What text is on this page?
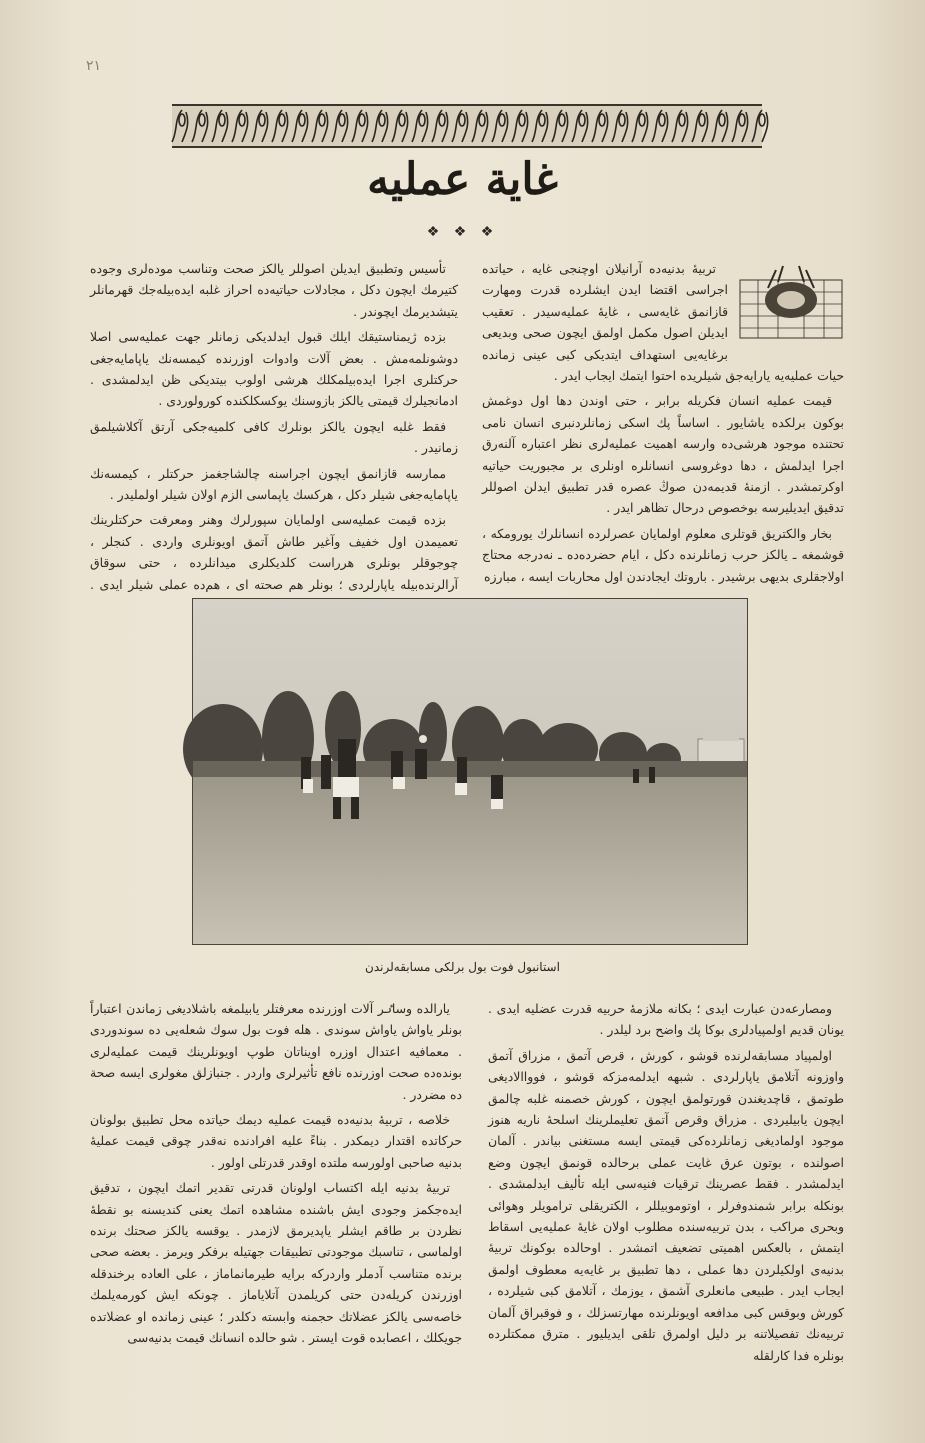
٢١
غاية عمليه
❖ ❖ ❖

تربيهٔ بدنيه‌ده آرانيلان اوچنجى غايه ، حياتده اجراسى اقتضا ايدن ايشلرده قدرت ومهارت قازانمق غايه‌سى ، غايهٔ عمليه‌سيدر . تعقيب ايديلن اصول مكمل اولمق ايچون صحى وبديعى برغايه‌يى استهداف ايتديكى كبى عينى زمانده حيات عمليه‌يه يارايه‌جق شيلريده احتوا ايتمك ايجاب ايدر .

قيمت عمليه انسان فكريله برابر ، حتى اوندن دها اول دوغمش بوكون برلكده ياشايور . اساساً پك اسكى زمانلردنبرى انسان نامى تحتنده موجود هرشى‌ده وارسه اهميت عمليه‌لرى نظر اعتباره آلنه‌رق اجرا ايدلمش ، دها دوغروسى انسانلره اونلرى بر مجبوريت حياتيه اوكرتمشدر . ازمنهٔ قديمه‌دن صوڭ عصره قدر تطبيق ايدلن اصوللر تدقيق ايديليرسه بوخصوص درحال تظاهر ايدر .

بخار والكتريق قوتلرى معلوم اولمايان عصرلرده انسانلرك يورومكه ، قوشمغه ـ يالكز حرب زمانلرنده دكل ، ايام حضرده‌ده ـ نه‌درجه محتاج اولاجقلرى بديهى برشيدر . باروتك ايجادندن اول محاربات ايسه ، مبارزه

تأسيس وتطبيق ايديلن اصوللر يالكز صحت وتناسب موده‌لرى وجوده كتيرمك ايچون دكل ، مجادلات حياتيه‌ده احراز غلبه ايده‌بيله‌جك قهرمانلر يتيشديرمك ايچوندر .

بزده ژيمناستيقك ايلك قبول ايدلديكى زمانلر جهت عمليه‌سى اصلا دوشونلمه‌مش . بعض آلات وادوات اوزرنده كيمسه‌نك ياپامايه‌جغى حركتلرى اجرا ايده‌بيلمكلك هرشى اولوب بيتديكى ظن ايدلمشدى . ادمانجيلرك قيمتى يالكز بازوسنك يوكسكلكنده كورولوردى .

فقط غلبه ايچون يالكز بونلرك كافى كلميه‌جكى آرتق آكلاشيلمق زمانيدر .

ممارسه قازانمق ايچون اجراسنه چالشاجغمز حركتلر ، كيمسه‌نك ياپامايه‌جغى شيلر دكل ، هركسك ياپماسى الزم اولان شيلر اولمليدر .

بزده قيمت عمليه‌سى اولمايان سپورلرك وهنر ومعرفت حركتلرينك تعميمدن اول خفيف وآغير طاش آتمق اويونلرى واردى . كنجلر ، چوجوقلر بونلرى هرراست كلديكلرى ميدانلرده ، حتى سوقاق آرالرنده‌بيله ياپارلردى ؛ بونلر هم صحته اى ، هم‌ده عملى شيلر ايدى .

استانبول فوت بول برلكى مسابقه‌لرندن

ومصارعه‌دن عبارت ايدى ؛ بكانه ملازمهٔ حربيه قدرت عضليه ايدى . يونان قديم اولمپيادلرى بوكا پك واضح برد ليلدر .

اولمپياد مسابقه‌لرنده قوشو ، كورش ، قرص آتمق ، مزراق آتمق واوزونه آتلامق ياپارلردى . شبهه ايدلمه‌مزكه قوشو ، فوواالاديغى طوتمق ، قاچديغندن قورتولمق ايچون ، كورش خصمنه غلبه چالمق ايچون يابيليردى . مزراق وقرص آتمق تعليملرينك اسلحهٔ ناريه هنوز موجود اولماديغى زمانلرده‌كى قيمتى ايسه مستغنى بياندر . آلمان اصولنده ، بوتون عرق غايت عملى برحالده قونمق ايچون وضع ايدلمشدر . فقط عصرينك ترقيات فنيه‌سى ايله تأليف ايدلمشدى . بونكله برابر شمندوفرلر ، اوتوموبيللر ، الكتريقلى ترامويلر وهوائى وبحرى مراكب ، بدن تربيه‌سنده مطلوب اولان غايهٔ عمليه‌يى اسقاط ايتمش ، بالعكس اهميتى تضعيف اتمشدر . اوحالده بوكونك تربيهٔ بدنيه‌ى اولكيلردن دها عملى ، دها تطبيق بر غايه‌يه معطوف اولمق ايجاب ايدر . طبيعى مانعلرى آشمق ، يوزمك ، آتلامق كبى شيلرده ، كورش وبوقس كبى مدافعه اويونلرنده مهارتسزلك ، و فوقبراق آلمان تربيه‌نك تفصيلاتنه بر دليل اولمرق تلقى ايديليور . مترق ممكتلرده بونلره فدا كارلقله

يارالده وساٸر آلات اوزرنده معرفتلر يابيلمغه باشلاديغى زماندن اعتباراً بونلر ياواش ياواش سوندى . هله فوت بول سوك شعله‌يى ده سوندوردى . معمافيه اعتدال اوزره اويناتان طوپ اويونلرينك قيمت عمليه‌لرى بونده‌ده صحت اوزرنده نافع تأثيرلرى واردر . جنبازلق مغولرى ايسه صحة ده مضردر .

خلاصه ، تربيهٔ بدنيه‌ده قيمت عمليه ديمك حياتده محل تطبيق بولونان حركاتده اقتدار ديمكدر . بناءً عليه افرادنده نه‌قدر چوقى قيمت عمليهٔ بدنيه صاحبى اولورسه ملتده اوقدر قدرتلى اولور .

تربيهٔ بدنيه ايله اكتساب اولونان قدرتى تقدير اتمك ايچون ، تدقيق ايده‌جكمز وجودى ايش باشنده مشاهده اتمك يعنى كنديسنه بو نقطهٔ نظردن بر طاقم ايشلر ياپديرمق لازمدر . يوقسه يالكز صحتك برنده اولماسى ، تناسبك موجودتى تطبيقات جهتيله برفكر ويرمز . بعضه صحى برنده متناسب آدملر واردركه برايه طيرمانماماز ، على العاده برخندقله اوزرندن كريله‌دن حتى كريلمدن آتلاياماز . چونكه ايش كورمه‌يلمك خاصه‌سى يالكز عضلاتك حجمنه وابسته دكلدر ؛ عينى زمانده او عضلاتده جويكلك ، اعصابده قوت ايستر . شو حالده انسانك قيمت بدنيه‌سى
